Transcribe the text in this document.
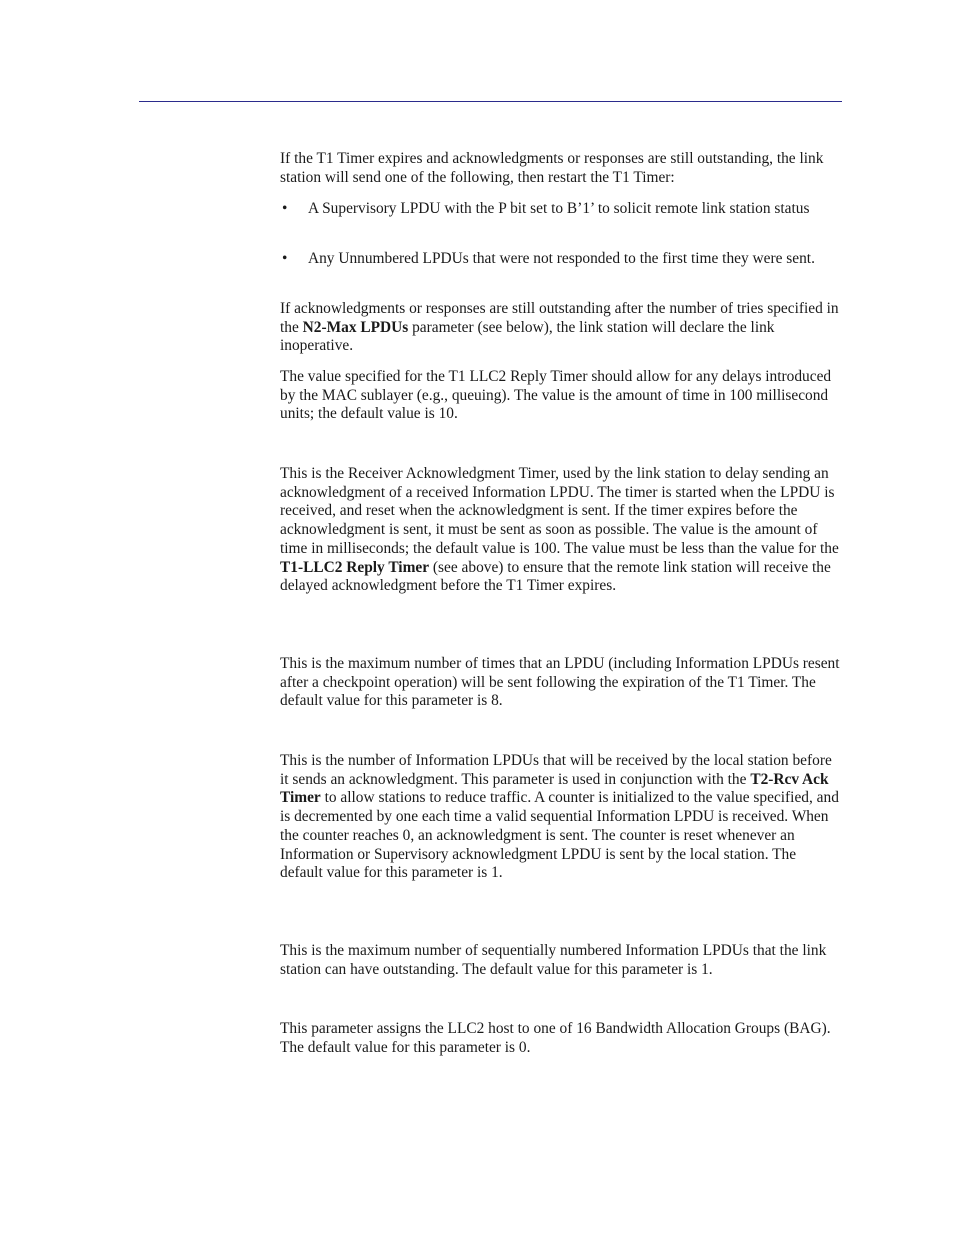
If the T1 Timer expires and acknowledgments or responses are still outstanding, the link station will send one of the following, then restart the T1 Timer:

• A Supervisory LPDU with the P bit set to B’1’ to solicit remote link station status
• Any Unnumbered LPDUs that were not responded to the first time they were sent.

If acknowledgments or responses are still outstanding after the number of tries specified in the N2-Max LPDUs parameter (see below), the link station will declare the link inoperative.

The value specified for the T1 LLC2 Reply Timer should allow for any delays introduced by the MAC sublayer (e.g., queuing). The value is the amount of time in 100 millisecond units; the default value is 10.

This is the Receiver Acknowledgment Timer, used by the link station to delay sending an acknowledgment of a received Information LPDU. The timer is started when the LPDU is received, and reset when the acknowledgment is sent. If the timer expires before the acknowledgment is sent, it must be sent as soon as possible. The value is the amount of time in milliseconds; the default value is 100. The value must be less than the value for the T1-LLC2 Reply Timer (see above) to ensure that the remote link station will receive the delayed acknowledgment before the T1 Timer expires.

This is the maximum number of times that an LPDU (including Information LPDUs resent after a checkpoint operation) will be sent following the expiration of the T1 Timer. The default value for this parameter is 8.

This is the number of Information LPDUs that will be received by the local station before it sends an acknowledgment. This parameter is used in conjunction with the T2-Rcv Ack Timer to allow stations to reduce traffic. A counter is initialized to the value specified, and is decremented by one each time a valid sequential Information LPDU is received. When the counter reaches 0, an acknowledgment is sent. The counter is reset whenever an Information or Supervisory acknowledgment LPDU is sent by the local station. The default value for this parameter is 1.

This is the maximum number of sequentially numbered Information LPDUs that the link station can have outstanding. The default value for this parameter is 1.

This parameter assigns the LLC2 host to one of 16 Bandwidth Allocation Groups (BAG). The default value for this parameter is 0.
